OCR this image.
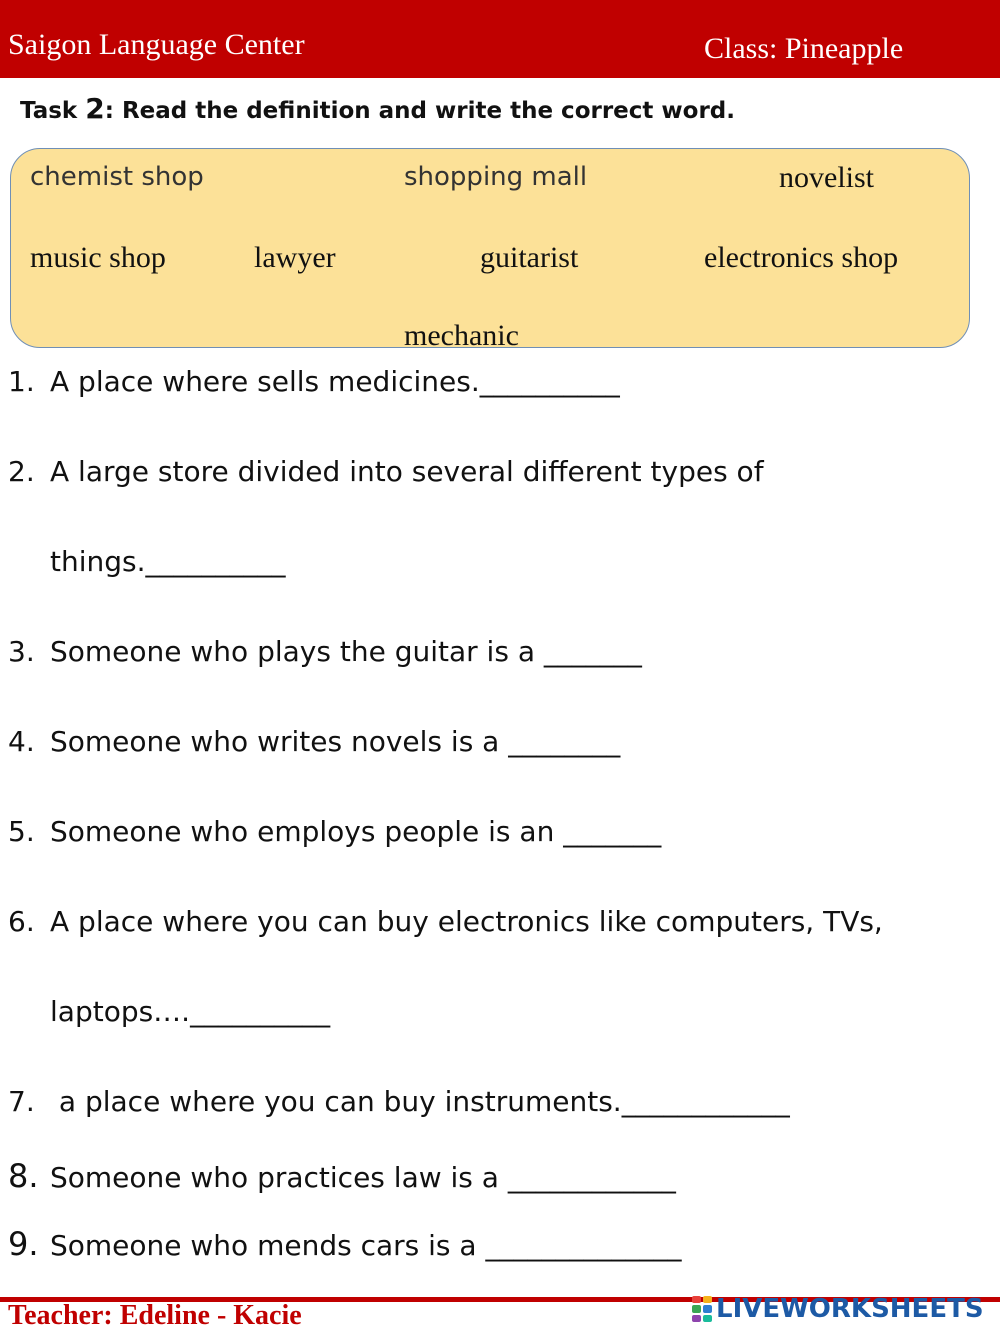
Saigon Language Center	Class: Pineapple
Task 2: Read the definition and write the correct word.
chemist shop	shopping mall	novelist
music shop	lawyer	guitarist	electronics shop
mechanic
1. A place where sells medicines.__________
2. A large store divided into several different types of
things.__________
3. Someone who plays the guitar is a _______
4. Someone who writes novels is a ________
5. Someone who employs people is an _______
6. A place where you can buy electronics like computers, TVs,
laptops….__________
7. a place where you can buy instruments.____________
8. Someone who practices law is a ____________
9. Someone who mends cars is a ______________
Teacher: Edeline - Kacie	LIVEWORKSHEETS
